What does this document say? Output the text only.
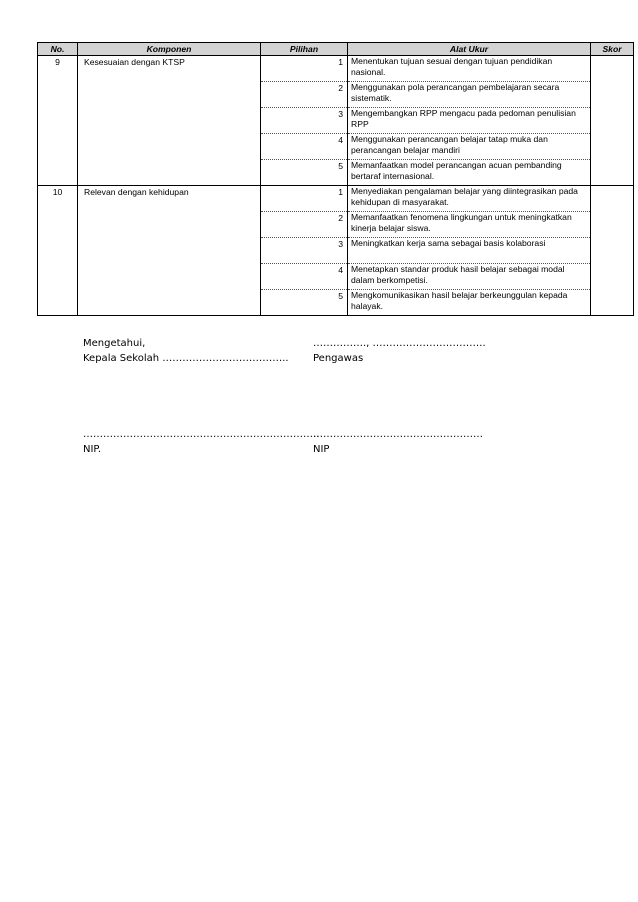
No.	Komponen	Pilihan	Alat Ukur	Skor
9	Kesesuaian dengan KTSP	1	Menentukan tujuan sesuai dengan tujuan pendidikan nasional.	
		2	Menggunakan pola perancangan pembelajaran secara sistematik.	
		3	Mengembangkan RPP mengacu pada pedoman penulisian RPP	
		4	Menggunakan perancangan belajar tatap muka dan perancangan belajar mandiri	
		5	Memanfaatkan model perancangan acuan pembanding bertaraf internasional.	
10	Relevan dengan kehidupan	1	Menyediakan pengalaman belajar yang diintegrasikan pada kehidupan di masyarakat.	
		2	Memanfaatkan fenomena lingkungan untuk meningkatkan kinerja belajar siswa.	
		3	Meningkatkan kerja sama sebagai basis kolaborasi	
		4	Menetapkan standar produk hasil belajar sebagai modal dalam berkompetisi.	
		5	Mengkomunikasikan hasil belajar berkeunggulan kepada halayak.	
Mengetahui,
Kepala Sekolah ………………………………..
……………., …………………………….
Pengawas
……………………………………………………………..
NIP.
……………………………………………
NIP
